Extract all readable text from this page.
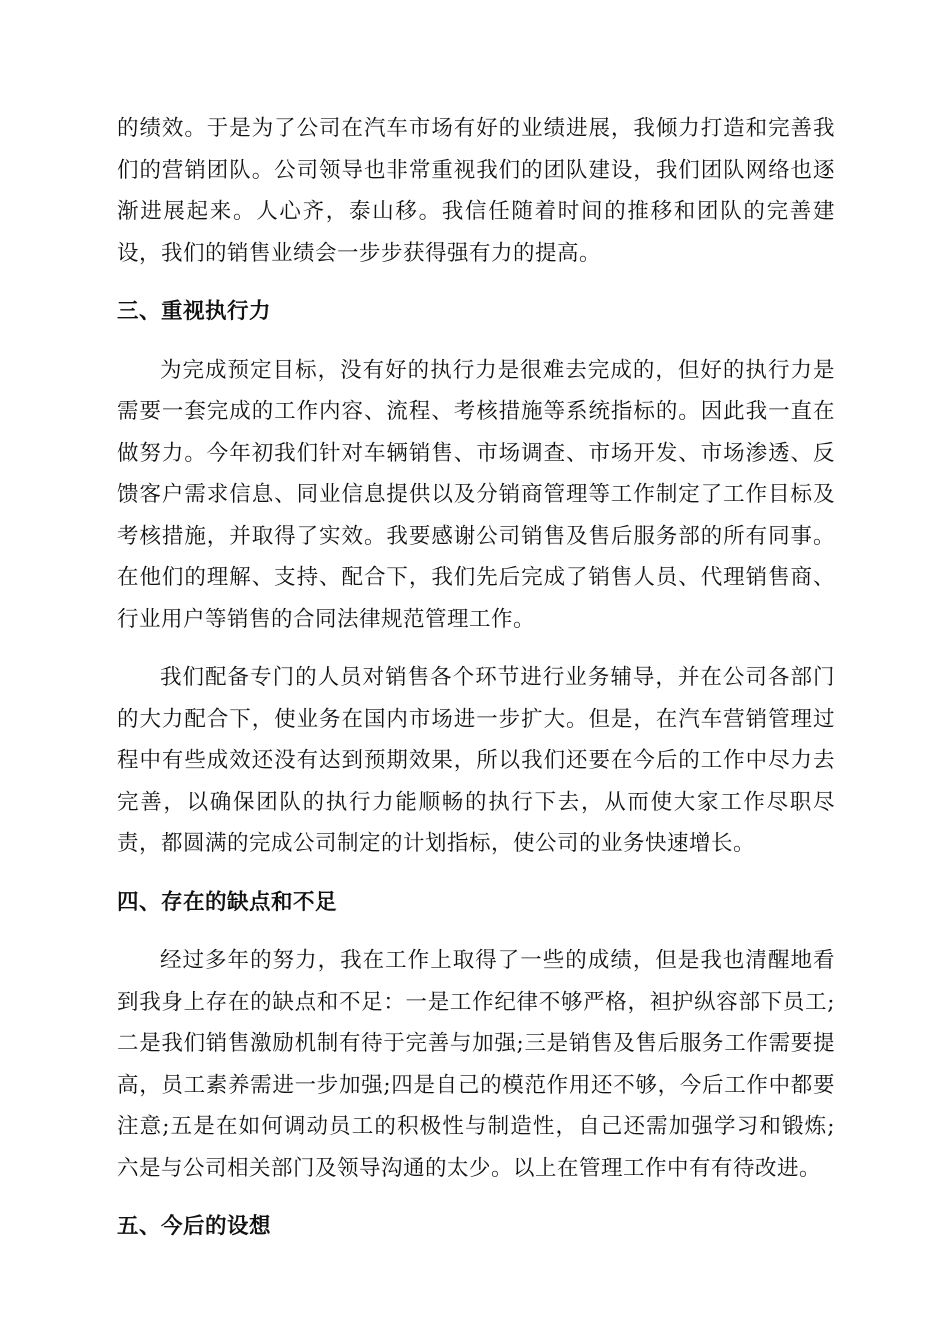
的绩效。于是为了公司在汽车市场有好的业绩进展，我倾力打造和完善我们的营销团队。公司领导也非常重视我们的团队建设，我们团队网络也逐渐进展起来。人心齐，泰山移。我信任随着时间的推移和团队的完善建设，我们的销售业绩会一步步获得强有力的提高。

三、重视执行力

为完成预定目标，没有好的执行力是很难去完成的，但好的执行力是需要一套完成的工作内容、流程、考核措施等系统指标的。因此我一直在做努力。今年初我们针对车辆销售、市场调查、市场开发、市场渗透、反馈客户需求信息、同业信息提供以及分销商管理等工作制定了工作目标及考核措施，并取得了实效。我要感谢公司销售及售后服务部的所有同事。在他们的理解、支持、配合下，我们先后完成了销售人员、代理销售商、行业用户等销售的合同法律规范管理工作。

我们配备专门的人员对销售各个环节进行业务辅导，并在公司各部门的大力配合下，使业务在国内市场进一步扩大。但是，在汽车营销管理过程中有些成效还没有达到预期效果，所以我们还要在今后的工作中尽力去完善，以确保团队的执行力能顺畅的执行下去，从而使大家工作尽职尽责，都圆满的完成公司制定的计划指标，使公司的业务快速增长。

四、存在的缺点和不足

经过多年的努力，我在工作上取得了一些的成绩，但是我也清醒地看到我身上存在的缺点和不足：一是工作纪律不够严格，袒护纵容部下员工;二是我们销售激励机制有待于完善与加强;三是销售及售后服务工作需要提高，员工素养需进一步加强;四是自己的模范作用还不够，今后工作中都要注意;五是在如何调动员工的积极性与制造性，自己还需加强学习和锻炼;六是与公司相关部门及领导沟通的太少。以上在管理工作中有有待改进。

五、今后的设想
